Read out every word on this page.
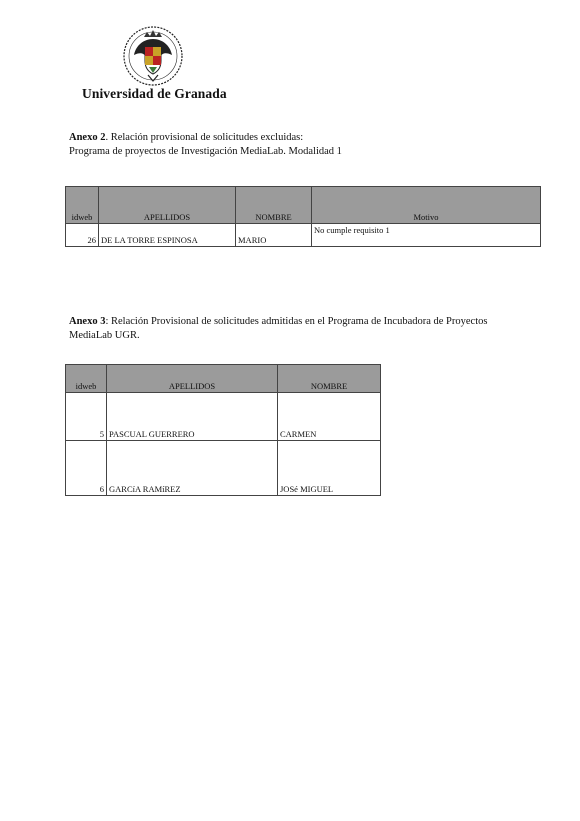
Universidad de Granada
Anexo 2. Relación provisional de solicitudes excluidas:
Programa de proyectos de Investigación MediaLab. Modalidad 1
idweb	APELLIDOS	NOMBRE	Motivo
26	DE LA TORRE ESPINOSA	MARIO	No cumple requisito 1
Anexo 3: Relación Provisional de solicitudes admitidas en el Programa de Incubadora de Proyectos MediaLab UGR.
idweb	APELLIDOS	NOMBRE
5	PASCUAL GUERRERO	CARMEN
6	GARCíA RAMíREZ	JOSé MIGUEL
